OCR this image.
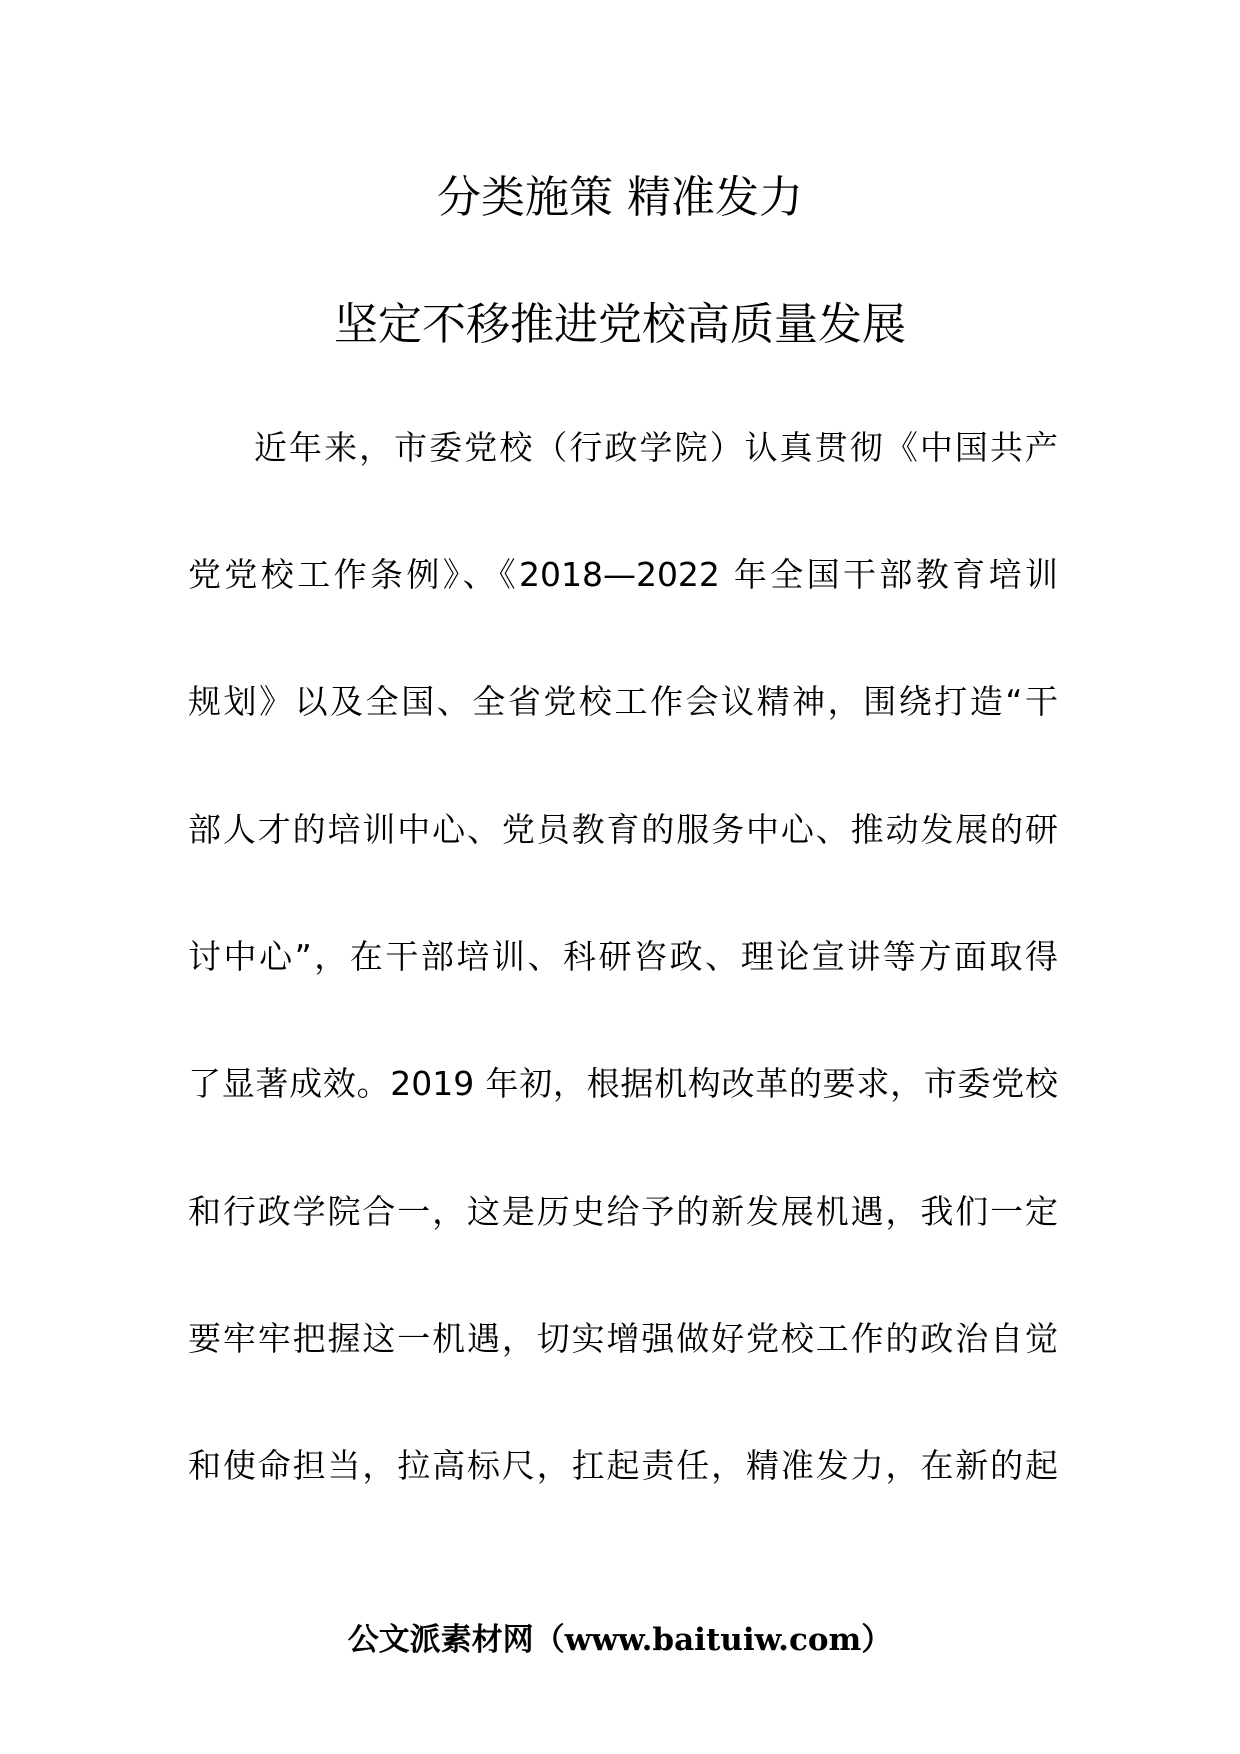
分类施策 精准发力
坚定不移推进党校高质量发展

近年来，市委党校（行政学院）认真贯彻《中国共产

党党校工作条例》、《2018—2022 年全国干部教育培训

规划》以及全国、全省党校工作会议精神，围绕打造“干

部人才的培训中心、党员教育的服务中心、推动发展的研

讨中心”，在干部培训、科研咨政、理论宣讲等方面取得

了显著成效。2019 年初，根据机构改革的要求，市委党校

和行政学院合一，这是历史给予的新发展机遇，我们一定

要牢牢把握这一机遇，切实增强做好党校工作的政治自觉

和使命担当，拉高标尺，扛起责任，精准发力，在新的起

公文派素材网（www.baituiw.com）
